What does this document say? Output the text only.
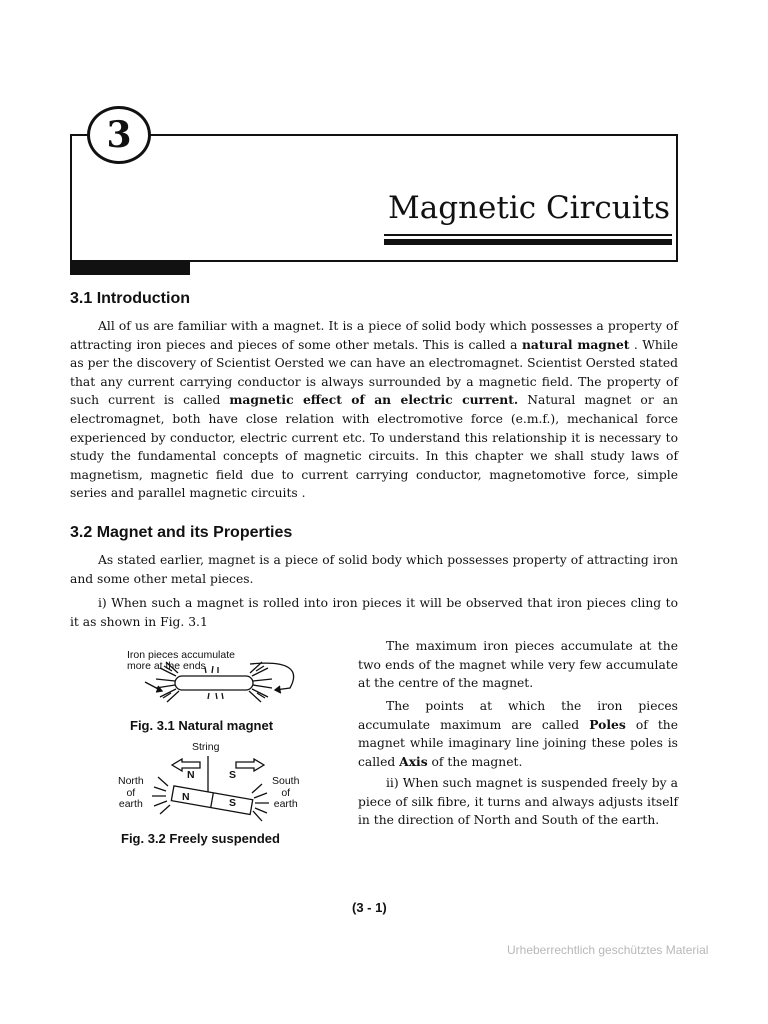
3
Magnetic Circuits
3.1 Introduction
All of us are familiar with a magnet. It is a piece of solid body which possesses a property of attracting iron pieces and pieces of some other metals. This is called a natural magnet . While as per the discovery of Scientist Oersted we can have an electromagnet. Scientist Oersted stated that any current carrying conductor is always surrounded by a magnetic field. The property of such current is called magnetic effect of an electric current. Natural magnet or an electromagnet, both have close relation with electromotive force (e.m.f.), mechanical force experienced by conductor, electric current etc. To understand this relationship it is necessary to study the fundamental concepts of magnetic circuits. In this chapter we shall study laws of magnetism, magnetic field due to current carrying conductor, magnetomotive force, simple series and parallel magnetic circuits .
3.2 Magnet and its Properties
As stated earlier, magnet is a piece of solid body which possesses property of attracting iron and some other metal pieces.
i) When such a magnet is rolled into iron pieces it will be observed that iron pieces cling to it as shown in Fig. 3.1
The maximum iron pieces accumulate at the two ends of the magnet while very few accumulate at the centre of the magnet.
The points at which the iron pieces accumulate maximum are called Poles of the magnet while imaginary line joining these poles is called Axis of the magnet.
ii) When such magnet is suspended freely by a piece of silk fibre, it turns and always adjusts itself in the direction of North and South of the earth.
Iron pieces accumulate
more at the ends
Fig. 3.1 Natural magnet
String
N	S
N	S
North
of
earth
South
of
earth
Fig. 3.2 Freely suspended
(3 - 1)
Urheberrechtlich geschütztes Material
